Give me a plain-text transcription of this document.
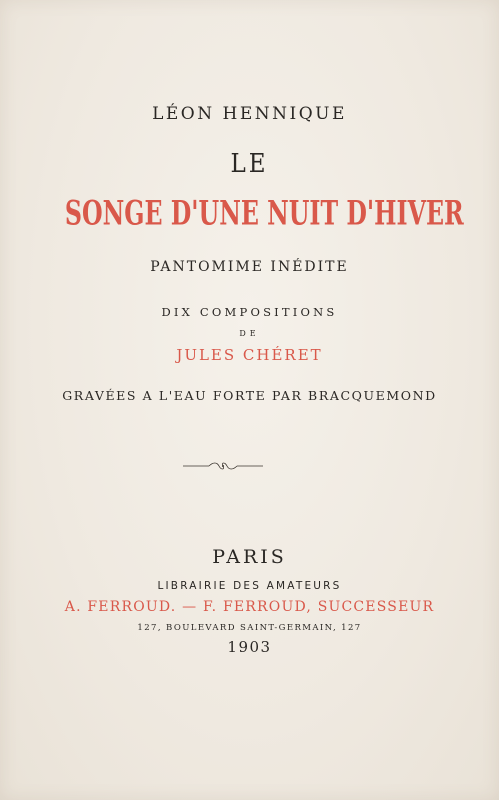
LÉON HENNIQUE
LE
SONGE D'UNE NUIT D'HIVER
PANTOMIME INÉDITE
DIX COMPOSITIONS
DE
JULES CHÉRET
GRAVÉES A L'EAU FORTE PAR BRACQUEMOND
PARIS
LIBRAIRIE DES AMATEURS
A. FERROUD. — F. FERROUD, SUCCESSEUR
127, BOULEVARD SAINT-GERMAIN, 127
1903
